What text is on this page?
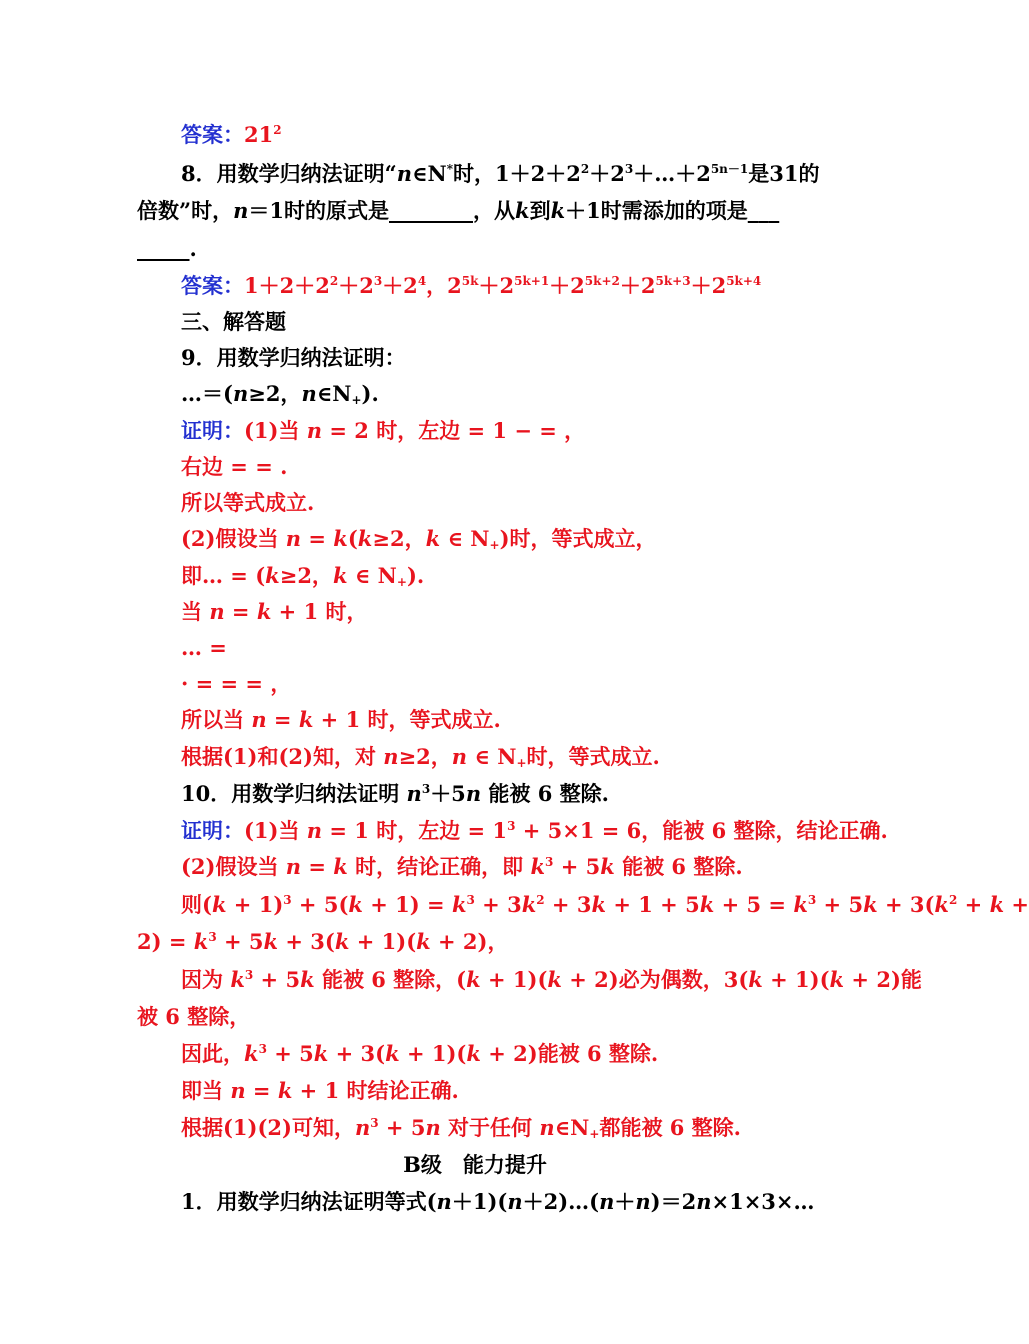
答案：$21^2$
8．用数学归纳法证明“n∈N*时，$1+2+2^2+2^3+\dots+2^{5n-1}$是31的
倍数”时，n＝1时的原式是________，从k到k＋1时需添加的项是___
_____.
答案：$1+2+2^2+2^3+2^4$，$2^{5k}+2^{5k+1}+2^{5k+2}+2^{5k+3}+2^{5k+4}$
三、解答题
9．用数学归纳法证明：
…＝(n≥2，$n\in N_+$).
证明：(1)当 n = 2 时，左边 = 1 − = ，
右边 = = .
所以等式成立.
(2)假设当 n = k(k≥2，k ∈ $N_+$)时，等式成立，
即… = (k≥2，k ∈ $N_+$).
当 n = k + 1 时，
… =
· = = = ，
所以当 n = k + 1 时，等式成立.
根据(1)和(2)知，对 n≥2，n ∈ $N_+$时，等式成立.
10．用数学归纳法证明 $n^3+5n$ 能被 6 整除.
证明：(1)当 n = 1 时，左边 = $1^3 + 5\times 1 = 6$，能被 6 整除，结论正确.
(2)假设当 n = k 时，结论正确，即 $k^3 + 5k$ 能被 6 整除.
则$(k + 1)^3 + 5(k + 1) = k^3 + 3k^2 + 3k + 1 + 5k + 5 = k^3 + 5k + 3(k^2 + k$ +
$2) = k^3 + 5k + 3(k + 1)(k + 2)$，
因为 $k^3 + 5k$ 能被 6 整除，(k + 1)(k + 2)必为偶数，3(k + 1)(k + 2)能
被 6 整除，
因此，$k^3 + 5k + 3(k + 1)(k + 2)$能被 6 整除.
即当 n = k + 1 时结论正确.
根据(1)(2)可知，$n^3 + 5n$ 对于任何 $n\in N_+$都能被 6 整除.
B级　能力提升
1．用数学归纳法证明等式(n＋1)(n＋2)…(n＋n)＝2n×1×3×…
